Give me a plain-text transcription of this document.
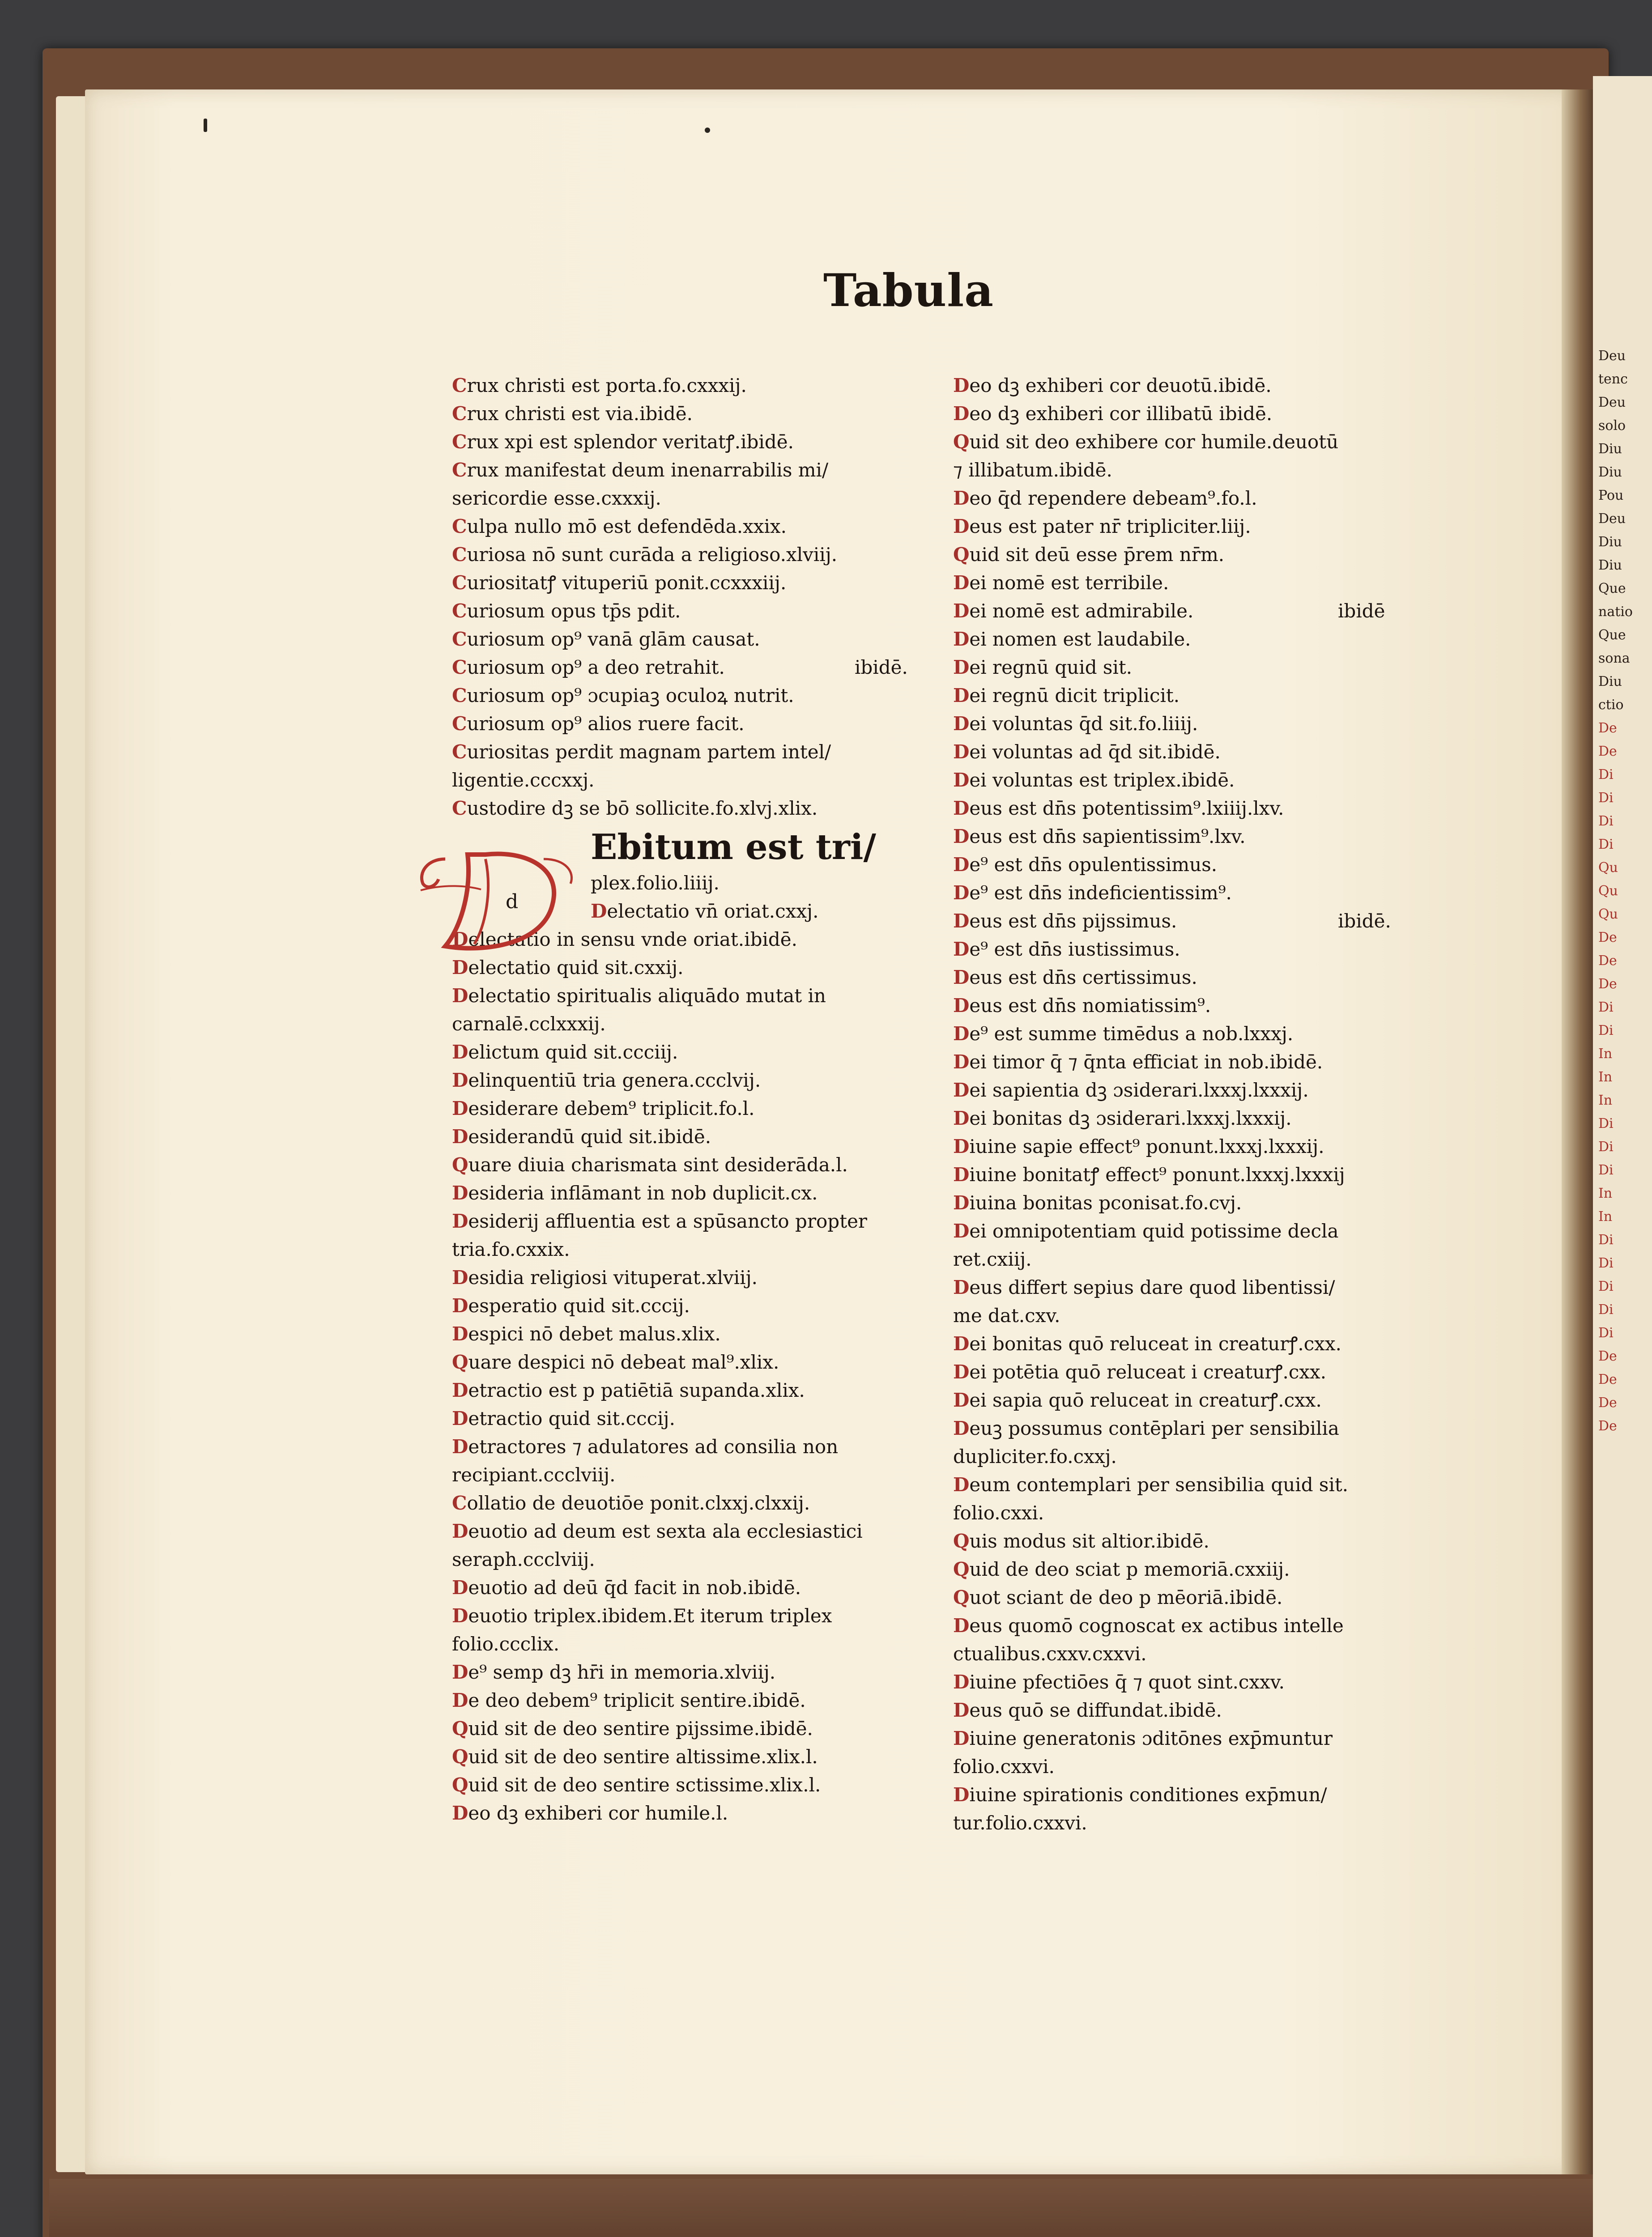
Deu
tenc
Deu
solo
Diu
Diu
Pou
Deu
Diu
Diu
Que
natio
Que
sona
Diu
ctio
De
De
Di
Di
Di
Di
Qu
Qu
Qu
De
De
De
Di
Di
In
In
In
Di
Di
Di
In
In
Di
Di
Di
Di
Di
De
De
De
De
Tabula
Crux christi est porta.fo.cxxxij.
Crux christi est via.ibidē.
Crux xpi est splendor veritatꝭ.ibidē.
Crux manifestat deum inenarrabilis mi/
sericordie esse.cxxxij.
Culpa nullo mō est defendēda.xxix.
Curiosa nō sunt curāda a religioso.xlviij.
Curiositatꝭ vituperiū ponit.ccxxxiij.
Curiosum opus tp̄s pdit.
Curiosum op⁹ vanā glām causat.
Curiosum op⁹ a deo retrahit.	ibidē.
Curiosum op⁹ ɔcupiaꝫ oculoꝝ nutrit.
Curiosum op⁹ alios ruere facit.
Curiositas perdit magnam partem intel/
ligentie.cccxxj.
Custodire dꝫ se bō sollicite.fo.xlvj.xlix.
Ebitum est tri/
plex.folio.liiij.
Delectatio vn̄ oriat.cxxj.
Delectatio in sensu vnde oriat.ibidē.
Delectatio quid sit.cxxij.
Delectatio spiritualis aliquādo mutat in
carnalē.cclxxxij.
Delictum quid sit.ccciij.
Delinquentiū tria genera.ccclvij.
Desiderare debem⁹ triplicit.fo.l.
Desiderandū quid sit.ibidē.
Quare diuia charismata sint desiderāda.l.
Desideria inflāmant in nob duplicit.cx.
Desiderij affluentia est a spūsancto propter
tria.fo.cxxix.
Desidia religiosi vituperat.xlviij.
Desperatio quid sit.cccij.
Despici nō debet malus.xlix.
Quare despici nō debeat mal⁹.xlix.
Detractio est p patiētiā supanda.xlix.
Detractio quid sit.cccij.
Detractores ⁊ adulatores ad consilia non
recipiant.ccclviij.
Collatio de deuotiōe ponit.clxxj.clxxij.
Deuotio ad deum est sexta ala ecclesiastici
seraph.ccclviij.
Deuotio ad deū q̄d facit in nob.ibidē.
Deuotio triplex.ibidem.Et iterum triplex
folio.ccclix.
De⁹ semp dꝫ hr̄i in memoria.xlviij.
De deo debem⁹ triplicit sentire.ibidē.
Quid sit de deo sentire pijssime.ibidē.
Quid sit de deo sentire altissime.xlix.l.
Quid sit de deo sentire sctissime.xlix.l.
Deo dꝫ exhiberi cor humile.l.
d
Deo dꝫ exhiberi cor deuotū.ibidē.
Deo dꝫ exhiberi cor illibatū ibidē.
Quid sit deo exhibere cor humile.deuotū
⁊ illibatum.ibidē.
Deo q̄d rependere debeam⁹.fo.l.
Deus est pater nr̄ tripliciter.liij.
Quid sit deū esse p̄rem nr̄m.
Dei nomē est terribile.
Dei nomē est admirabile.	ibidē
Dei nomen est laudabile.
Dei regnū quid sit.
Dei regnū dicit triplicit.
Dei voluntas q̄d sit.fo.liiij.
Dei voluntas ad q̄d sit.ibidē.
Dei voluntas est triplex.ibidē.
Deus est dn̄s potentissim⁹.lxiiij.lxv.
Deus est dn̄s sapientissim⁹.lxv.
De⁹ est dn̄s opulentissimus.
De⁹ est dn̄s indeficientissim⁹.
Deus est dn̄s pijssimus.	ibidē.
De⁹ est dn̄s iustissimus.
Deus est dn̄s certissimus.
Deus est dn̄s nomiatissim⁹.
De⁹ est summe timēdus a nob.lxxxj.
Dei timor q̄ ⁊ q̄nta efficiat in nob.ibidē.
Dei sapientia dꝫ ɔsiderari.lxxxj.lxxxij.
Dei bonitas dꝫ ɔsiderari.lxxxj.lxxxij.
Diuine sapie effect⁹ ponunt.lxxxj.lxxxij.
Diuine bonitatꝭ effect⁹ ponunt.lxxxj.lxxxij
Diuina bonitas pconisat.fo.cvj.
Dei omnipotentiam quid potissime decla
ret.cxiij.
Deus differt sepius dare quod libentissi/
me dat.cxv.
Dei bonitas quō reluceat in creaturꝭ.cxx.
Dei potētia quō reluceat i creaturꝭ.cxx.
Dei sapia quō reluceat in creaturꝭ.cxx.
Deuꝫ possumus contēplari per sensibilia
dupliciter.fo.cxxj.
Deum contemplari per sensibilia quid sit.
folio.cxxi.
Quis modus sit altior.ibidē.
Quid de deo sciat p memoriā.cxxiij.
Quot sciant de deo p mēoriā.ibidē.
Deus quomō cognoscat ex actibus intelle
ctualibus.cxxv.cxxvi.
Diuine pfectiōes q̄ ⁊ quot sint.cxxv.
Deus quō se diffundat.ibidē.
Diuine generatonis ɔditōnes exp̄muntur
folio.cxxvi.
Diuine spirationis conditiones exp̄mun/
tur.folio.cxxvi.
